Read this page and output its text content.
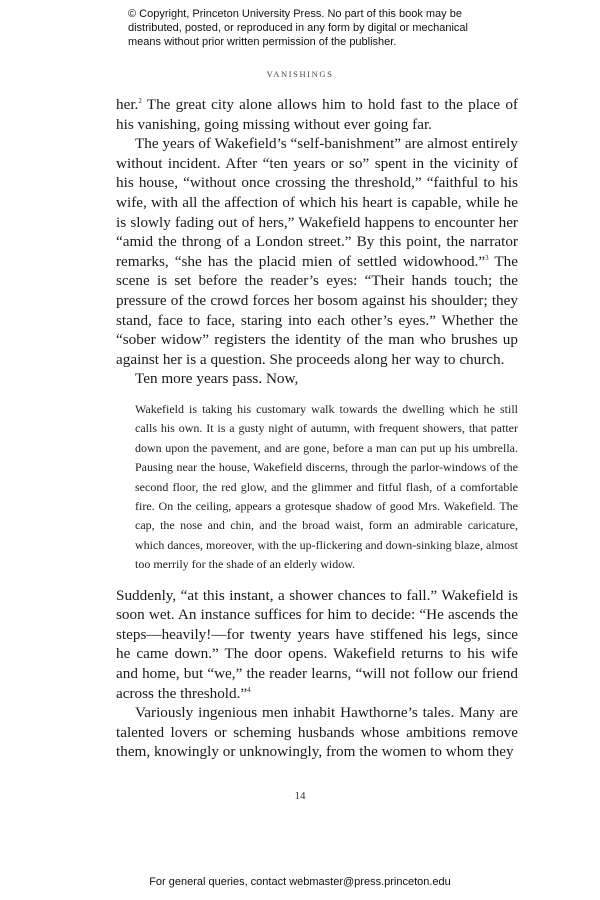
© Copyright, Princeton University Press. No part of this book may be distributed, posted, or reproduced in any form by digital or mechanical means without prior written permission of the publisher.

VANISHINGS

her.$^2$ The great city alone allows him to hold fast to the place of his vanishing, going missing without ever going far.

The years of Wakefield’s “self-banishment” are almost entirely without incident. After “ten years or so” spent in the vicinity of his house, “without once crossing the threshold,” “faithful to his wife, with all the affection of which his heart is capable, while he is slowly fading out of hers,” Wakefield happens to encounter her “amid the throng of a London street.” By this point, the narrator remarks, “she has the placid mien of settled widowhood.”$^3$ The scene is set before the reader’s eyes: “Their hands touch; the pressure of the crowd forces her bosom against his shoulder; they stand, face to face, staring into each other’s eyes.” Whether the “sober widow” registers the identity of the man who brushes up against her is a question. She proceeds along her way to church.

Ten more years pass. Now,

Wakefield is taking his customary walk towards the dwelling which he still calls his own. It is a gusty night of autumn, with frequent showers, that patter down upon the pavement, and are gone, before a man can put up his umbrella. Pausing near the house, Wakefield discerns, through the parlor-windows of the second floor, the red glow, and the glimmer and fitful flash, of a comfortable fire. On the ceiling, appears a grotesque shadow of good Mrs. Wakefield. The cap, the nose and chin, and the broad waist, form an admirable caricature, which dances, moreover, with the up-flickering and down-sinking blaze, almost too merrily for the shade of an elderly widow.

Suddenly, “at this instant, a shower chances to fall.” Wakefield is soon wet. An instance suffices for him to decide: “He ascends the steps—heavily!—for twenty years have stiffened his legs, since he came down.” The door opens. Wakefield returns to his wife and home, but “we,” the reader learns, “will not follow our friend across the threshold.”$^4$

Variously ingenious men inhabit Hawthorne’s tales. Many are talented lovers or scheming husbands whose ambitions remove them, knowingly or unknowingly, from the women to whom they

14
For general queries, contact webmaster@press.princeton.edu
